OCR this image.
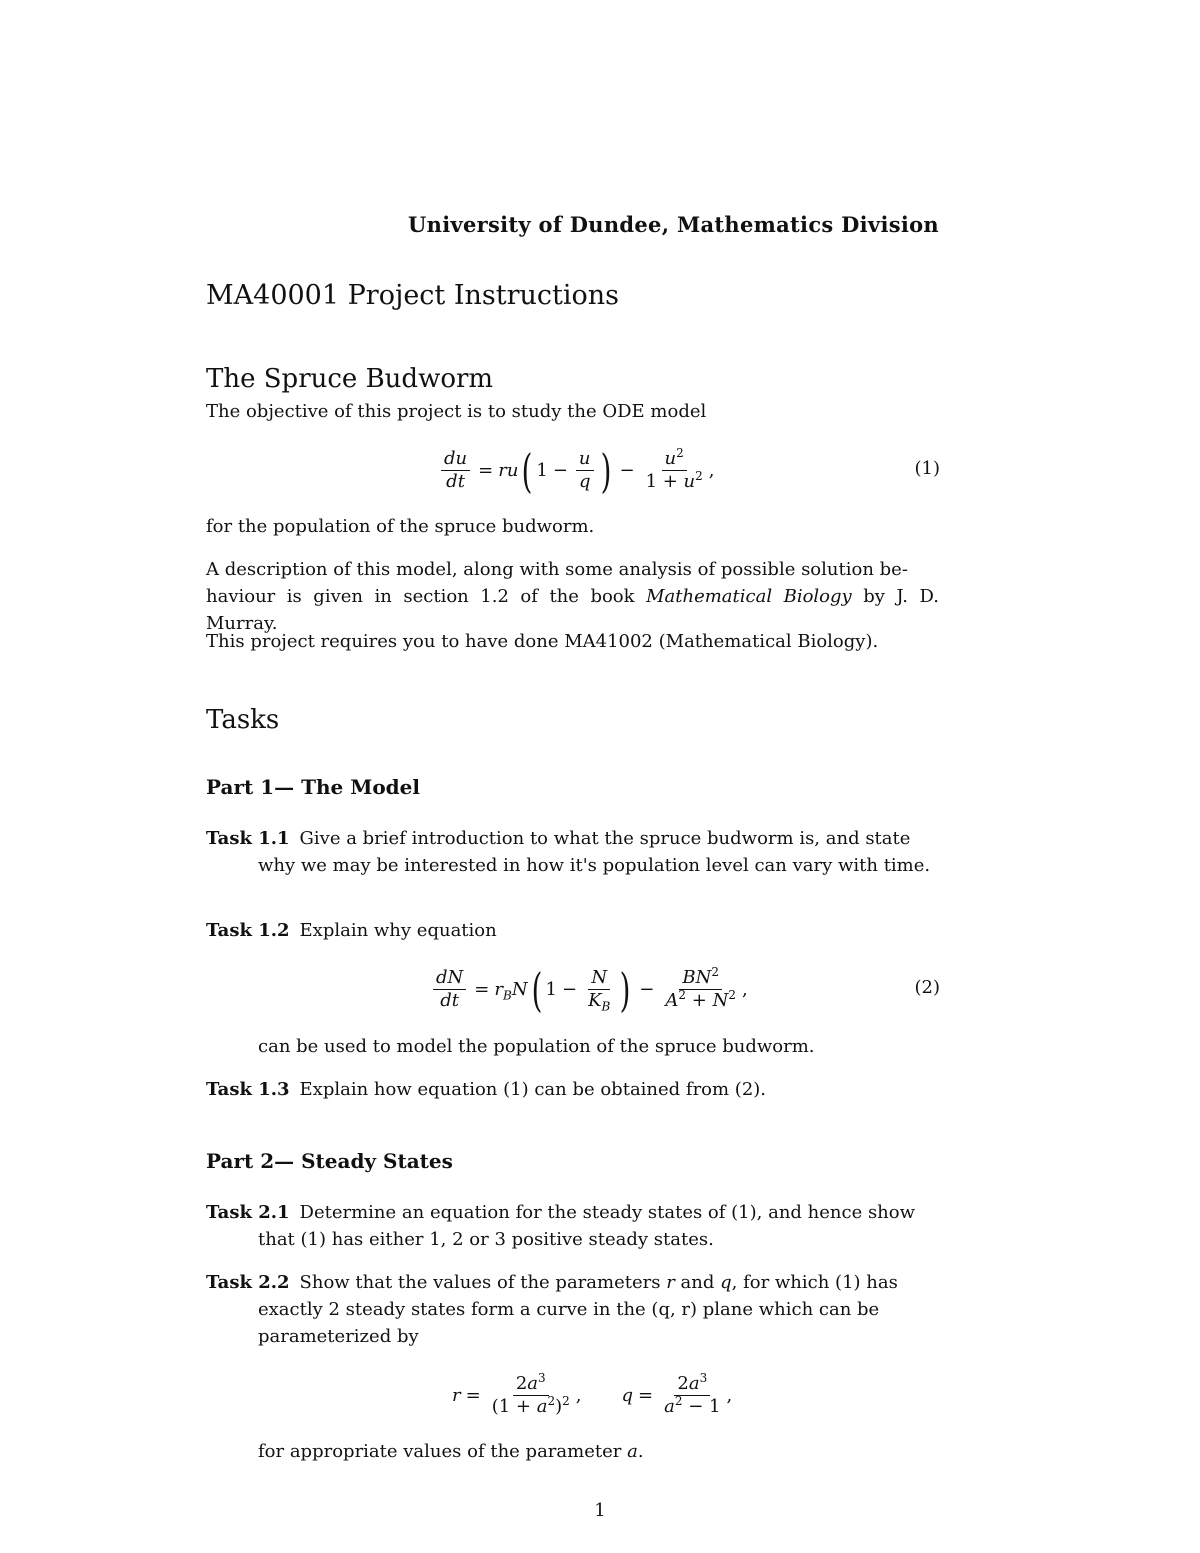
University of Dundee, Mathematics Division
MA40001 Project Instructions
The Spruce Budworm
The objective of this project is to study the ODE model
$\frac{du}{dt}$ = ru ( $1 - \frac{u}{q}$ ) − $\frac{u^2}{1 + u^2}$ ,	(1)
for the population of the spruce budworm.
A description of this model, along with some analysis of possible solution be-
haviour is given in section 1.2 of the book Mathematical Biology by J. D. Murray.
This project requires you to have done MA41002 (Mathematical Biology).
Tasks
Part 1— The Model
Task 1.1 Give a brief introduction to what the spruce budworm is, and state
why we may be interested in how it's population level can vary with time.
Task 1.2 Explain why equation
$\frac{dN}{dt} = r_BN$ ( $1 - \frac{N}{K_B}$ ) − $\frac{BN^2}{A^2 + N^2}$ ,	(2)
can be used to model the population of the spruce budworm.
Task 1.3 Explain how equation (1) can be obtained from (2).
Part 2— Steady States
Task 2.1 Determine an equation for the steady states of (1), and hence show
that (1) has either 1, 2 or 3 positive steady states.
Task 2.2 Show that the values of the parameters r and q, for which (1) has
exactly 2 steady states form a curve in the (q, r) plane which can be
parameterized by
$r = \frac{2a^3}{(1 + a^2)^2}$ , $q = \frac{2a^3}{a^2 - 1}$ ,
for appropriate values of the parameter a.
1
